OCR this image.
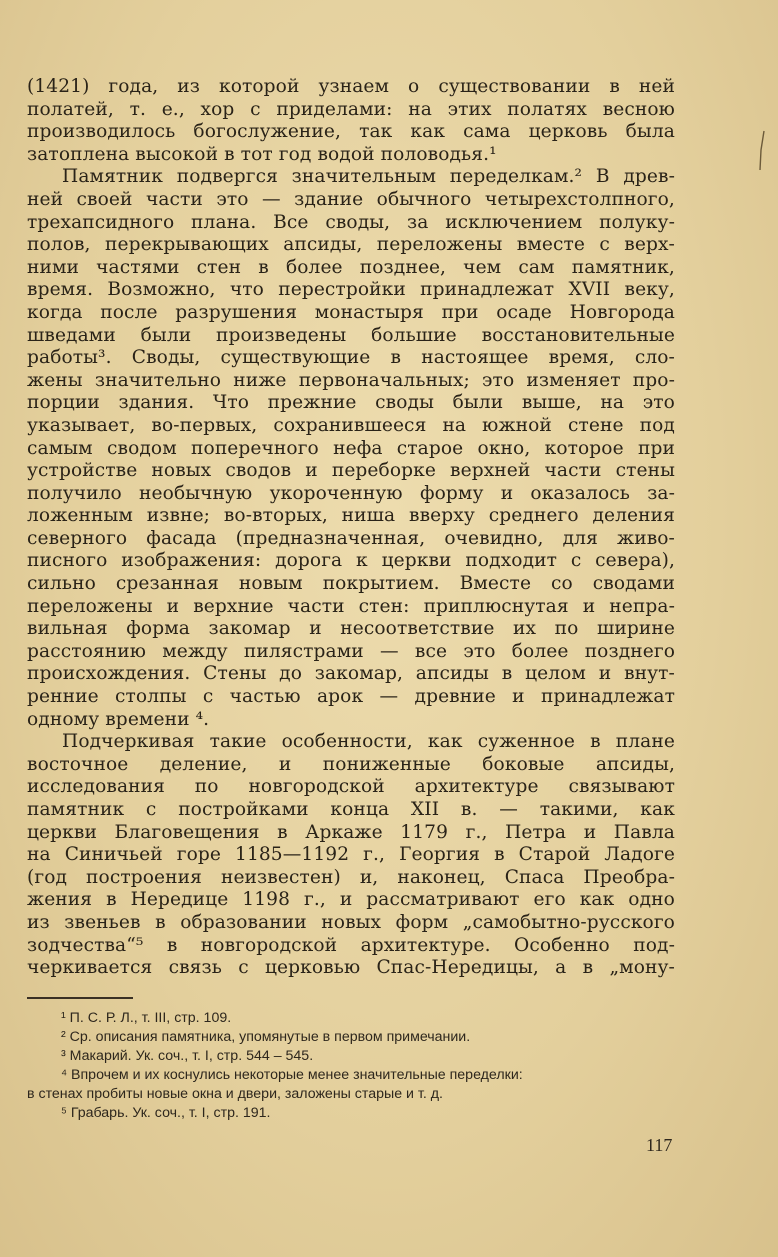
(1421) года, из которой узнаем о существовании в ней
полатей, т. е., хор с приделами: на этих полатях весною
производилось богослужение, так как сама церковь была
затоплена высокой в тот год водой половодья.¹
Памятник подвергся значительным переделкам.² В древ-
ней своей части это — здание обычного четырехстолпного,
трехапсидного плана. Все своды, за исключением полуку-
полов, перекрывающих апсиды, переложены вместе с верх-
ними частями стен в более позднее, чем сам памятник,
время. Возможно, что перестройки принадлежат XVII веку,
когда после разрушения монастыря при осаде Новгорода
шведами были произведены большие восстановительные
работы³. Своды, существующие в настоящее время, сло-
жены значительно ниже первоначальных; это изменяет про-
порции здания. Что прежние своды были выше, на это
указывает, во-первых, сохранившееся на южной стене под
самым сводом поперечного нефа старое окно, которое при
устройстве новых сводов и переборке верхней части стены
получило необычную укороченную форму и оказалось за-
ложенным извне; во-вторых, ниша вверху среднего деления
северного фасада (предназначенная, очевидно, для живо-
писного изображения: дорога к церкви подходит с севера),
сильно срезанная новым покрытием. Вместе со сводами
переложены и верхние части стен: приплюснутая и непра-
вильная форма закомар и несоответствие их по ширине
расстоянию между пилястрами — все это более позднего
происхождения. Стены до закомар, апсиды в целом и внут-
ренние столпы с частью арок — древние и принадлежат
одному времени ⁴.
Подчеркивая такие особенности, как суженное в плане
восточное деление, и пониженные боковые апсиды,
исследования по новгородской архитектуре связывают
памятник с постройками конца XII в. — такими, как
церкви Благовещения в Аркаже 1179 г., Петра и Павла
на Синичьей горе 1185—1192 г., Георгия в Старой Ладоге
(год построения неизвестен) и, наконец, Спаса Преобра-
жения в Нередице 1198 г., и рассматривают его как одно
из звеньев в образовании новых форм „самобытно-русского
зодчества“⁵ в новгородской архитектуре. Особенно под-
черкивается связь с церковью Спас-Нередицы, а в „мону-
¹ П. С. Р. Л., т. III, стр. 109.
² Ср. описания памятника, упомянутые в первом примечании.
³ Макарий. Ук. соч., т. I, стр. 544 – 545.
⁴ Впрочем и их коснулись некоторые менее значительные переделки:
в стенах пробиты новые окна и двери, заложены старые и т. д.
⁵ Грабарь. Ук. соч., т. I, стр. 191.
117
